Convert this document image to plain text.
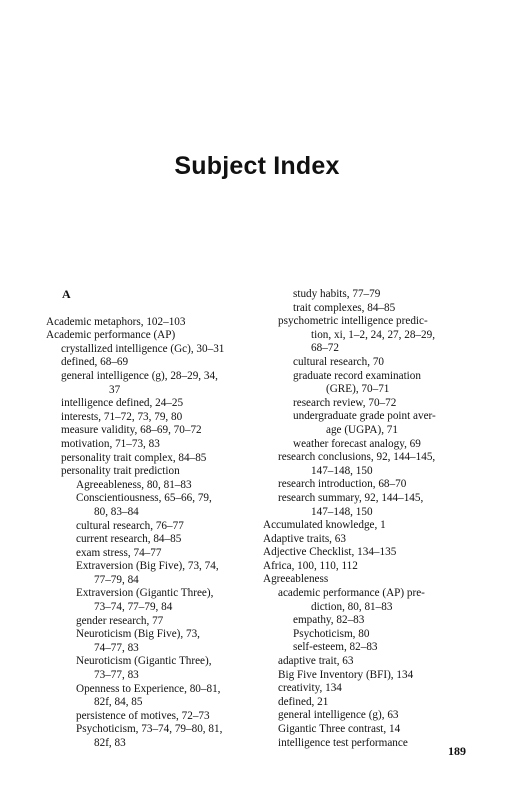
Subject Index
A
Academic metaphors, 102–103
Academic performance (AP)
crystallized intelligence (Gc), 30–31
defined, 68–69
general intelligence (g), 28–29, 34,
37
intelligence defined, 24–25
interests, 71–72, 73, 79, 80
measure validity, 68–69, 70–72
motivation, 71–73, 83
personality trait complex, 84–85
personality trait prediction
Agreeableness, 80, 81–83
Conscientiousness, 65–66, 79,
80, 83–84
cultural research, 76–77
current research, 84–85
exam stress, 74–77
Extraversion (Big Five), 73, 74,
77–79, 84
Extraversion (Gigantic Three),
73–74, 77–79, 84
gender research, 77
Neuroticism (Big Five), 73,
74–77, 83
Neuroticism (Gigantic Three),
73–77, 83
Openness to Experience, 80–81,
82f, 84, 85
persistence of motives, 72–73
Psychoticism, 73–74, 79–80, 81,
82f, 83
study habits, 77–79
trait complexes, 84–85
psychometric intelligence predic-
tion, xi, 1–2, 24, 27, 28–29,
68–72
cultural research, 70
graduate record examination
(GRE), 70–71
research review, 70–72
undergraduate grade point aver-
age (UGPA), 71
weather forecast analogy, 69
research conclusions, 92, 144–145,
147–148, 150
research introduction, 68–70
research summary, 92, 144–145,
147–148, 150
Accumulated knowledge, 1
Adaptive traits, 63
Adjective Checklist, 134–135
Africa, 100, 110, 112
Agreeableness
academic performance (AP) pre-
diction, 80, 81–83
empathy, 82–83
Psychoticism, 80
self-esteem, 82–83
adaptive trait, 63
Big Five Inventory (BFI), 134
creativity, 134
defined, 21
general intelligence (g), 63
Gigantic Three contrast, 14
intelligence test performance
189
